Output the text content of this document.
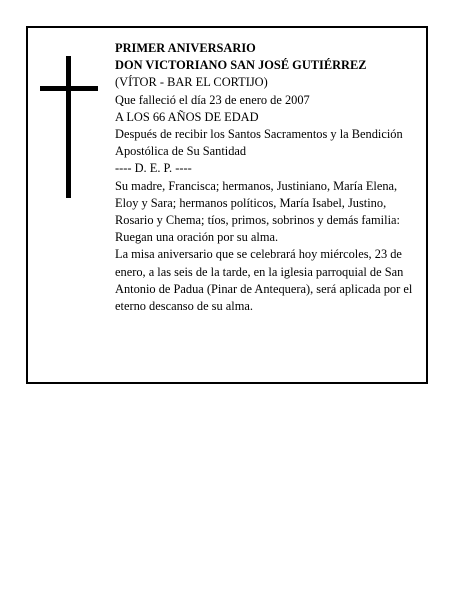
PRIMER ANIVERSARIO
DON VICTORIANO SAN JOSÉ GUTIÉRREZ
(VÍTOR - BAR EL CORTIJO)
Que falleció el día 23 de enero de 2007
A LOS 66 AÑOS DE EDAD
Después de recibir los Santos Sacramentos y la Bendición Apostólica de Su Santidad
---- D. E. P. ----
Su madre, Francisca; hermanos, Justiniano, María Elena, Eloy y Sara; hermanos políticos, María Isabel, Justino, Rosario y Chema; tíos, primos, sobrinos y demás familia:
Ruegan una oración por su alma.
La misa aniversario que se celebrará hoy miércoles, 23 de enero, a las seis de la tarde, en la iglesia parroquial de San Antonio de Padua (Pinar de Antequera), será aplicada por el eterno descanso de su alma.
